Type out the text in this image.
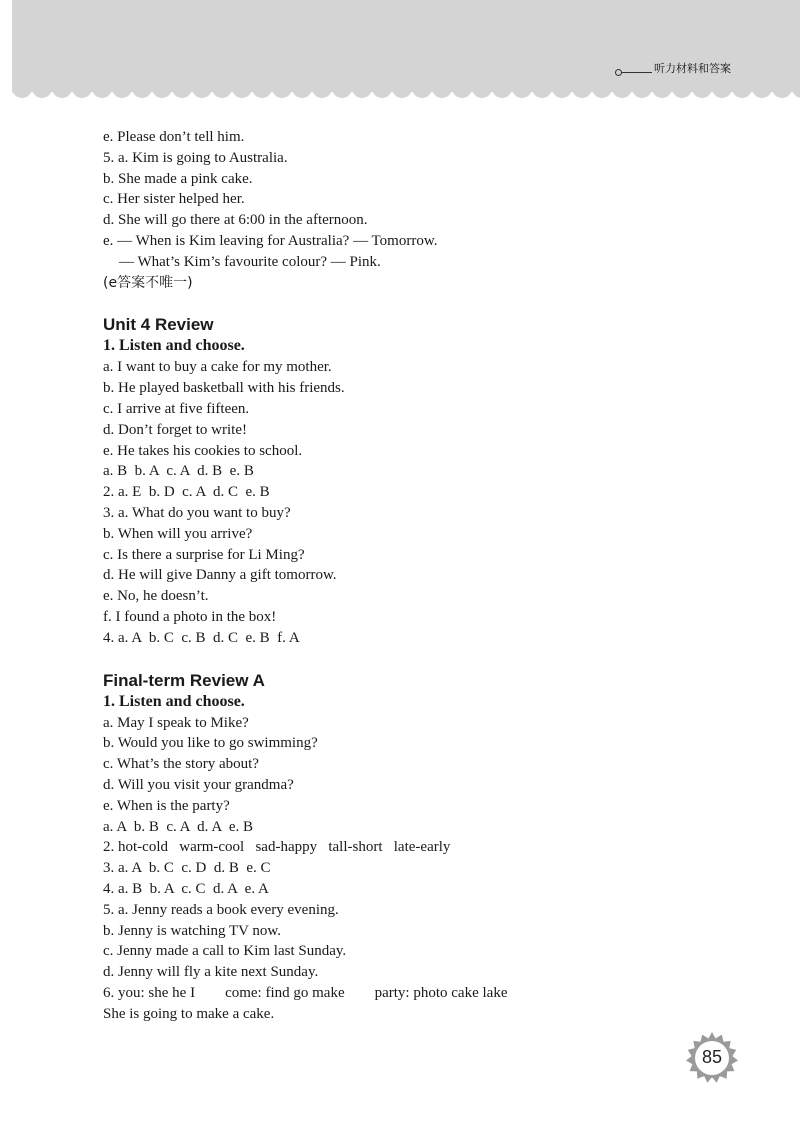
听力材料和答案
e. Please don’t tell him.
5. a. Kim is going to Australia.
b. She made a pink cake.
c. Her sister helped her.
d. She will go there at 6:00 in the afternoon.
e. — When is Kim leaving for Australia? — Tomorrow.
— What’s Kim’s favourite colour? — Pink.
(e答案不唯一)
Unit 4 Review
1. Listen and choose.
a. I want to buy a cake for my mother.
b. He played basketball with his friends.
c. I arrive at five fifteen.
d. Don’t forget to write!
e. He takes his cookies to school.
a. B  b. A  c. A  d. B  e. B
2. a. E  b. D  c. A  d. C  e. B
3. a. What do you want to buy?
b. When will you arrive?
c. Is there a surprise for Li Ming?
d. He will give Danny a gift tomorrow.
e. No, he doesn’t.
f. I found a photo in the box!
4. a. A  b. C  c. B  d. C  e. B  f. A
Final-term Review A
1. Listen and choose.
a. May I speak to Mike?
b. Would you like to go swimming?
c. What’s the story about?
d. Will you visit your grandma?
e. When is the party?
a. A  b. B  c. A  d. A  e. B
2. hot-cold   warm-cool   sad-happy   tall-short   late-early
3. a. A  b. C  c. D  d. B  e. C
4. a. B  b. A  c. C  d. A  e. A
5. a. Jenny reads a book every evening.
b. Jenny is watching TV now.
c. Jenny made a call to Kim last Sunday.
d. Jenny will fly a kite next Sunday.
6. you: she he I        come: find go make        party: photo cake lake
She is going to make a cake.
85
